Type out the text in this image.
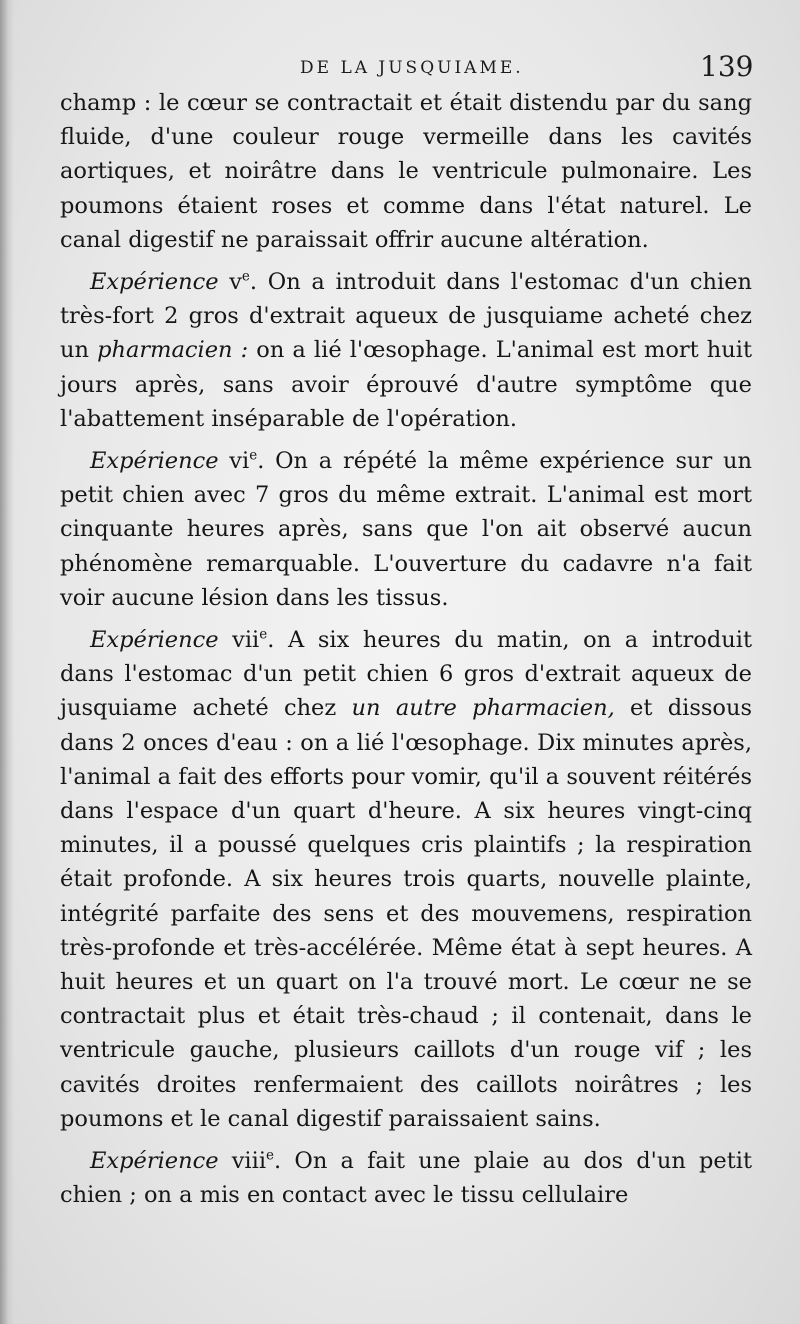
DE LA JUSQUIAME.	139

champ : le cœur se contractait et était distendu par du sang fluide, d'une couleur rouge vermeille dans les cavités aortiques, et noirâtre dans le ventricule pulmonaire. Les poumons étaient roses et comme dans l'état naturel. Le canal digestif ne paraissait offrir aucune altération.

Expérience $v^e$. On a introduit dans l'estomac d'un chien très-fort 2 gros d'extrait aqueux de jusquiame acheté chez un pharmacien : on a lié l'œsophage. L'animal est mort huit jours après, sans avoir éprouvé d'autre symptôme que l'abattement inséparable de l'opération.

Expérience $vi^e$. On a répété la même expérience sur un petit chien avec 7 gros du même extrait. L'animal est mort cinquante heures après, sans que l'on ait observé aucun phénomène remarquable. L'ouverture du cadavre n'a fait voir aucune lésion dans les tissus.

Expérience vii$^e$. A six heures du matin, on a introduit dans l'estomac d'un petit chien 6 gros d'extrait aqueux de jusquiame acheté chez un autre pharmacien, et dissous dans 2 onces d'eau : on a lié l'œsophage. Dix minutes après, l'animal a fait des efforts pour vomir, qu'il a souvent réitérés dans l'espace d'un quart d'heure. A six heures vingt-cinq minutes, il a poussé quelques cris plaintifs ; la respiration était profonde. A six heures trois quarts, nouvelle plainte, intégrité parfaite des sens et des mouvemens, respiration très-profonde et très-accélérée. Même état à sept heures. A huit heures et un quart on l'a trouvé mort. Le cœur ne se contractait plus et était très-chaud ; il contenait, dans le ventricule gauche, plusieurs caillots d'un rouge vif ; les cavités droites renfermaient des caillots noirâtres ; les poumons et le canal digestif paraissaient sains.

Expérience viii$^e$. On a fait une plaie au dos d'un petit chien ; on a mis en contact avec le tissu cellulaire
